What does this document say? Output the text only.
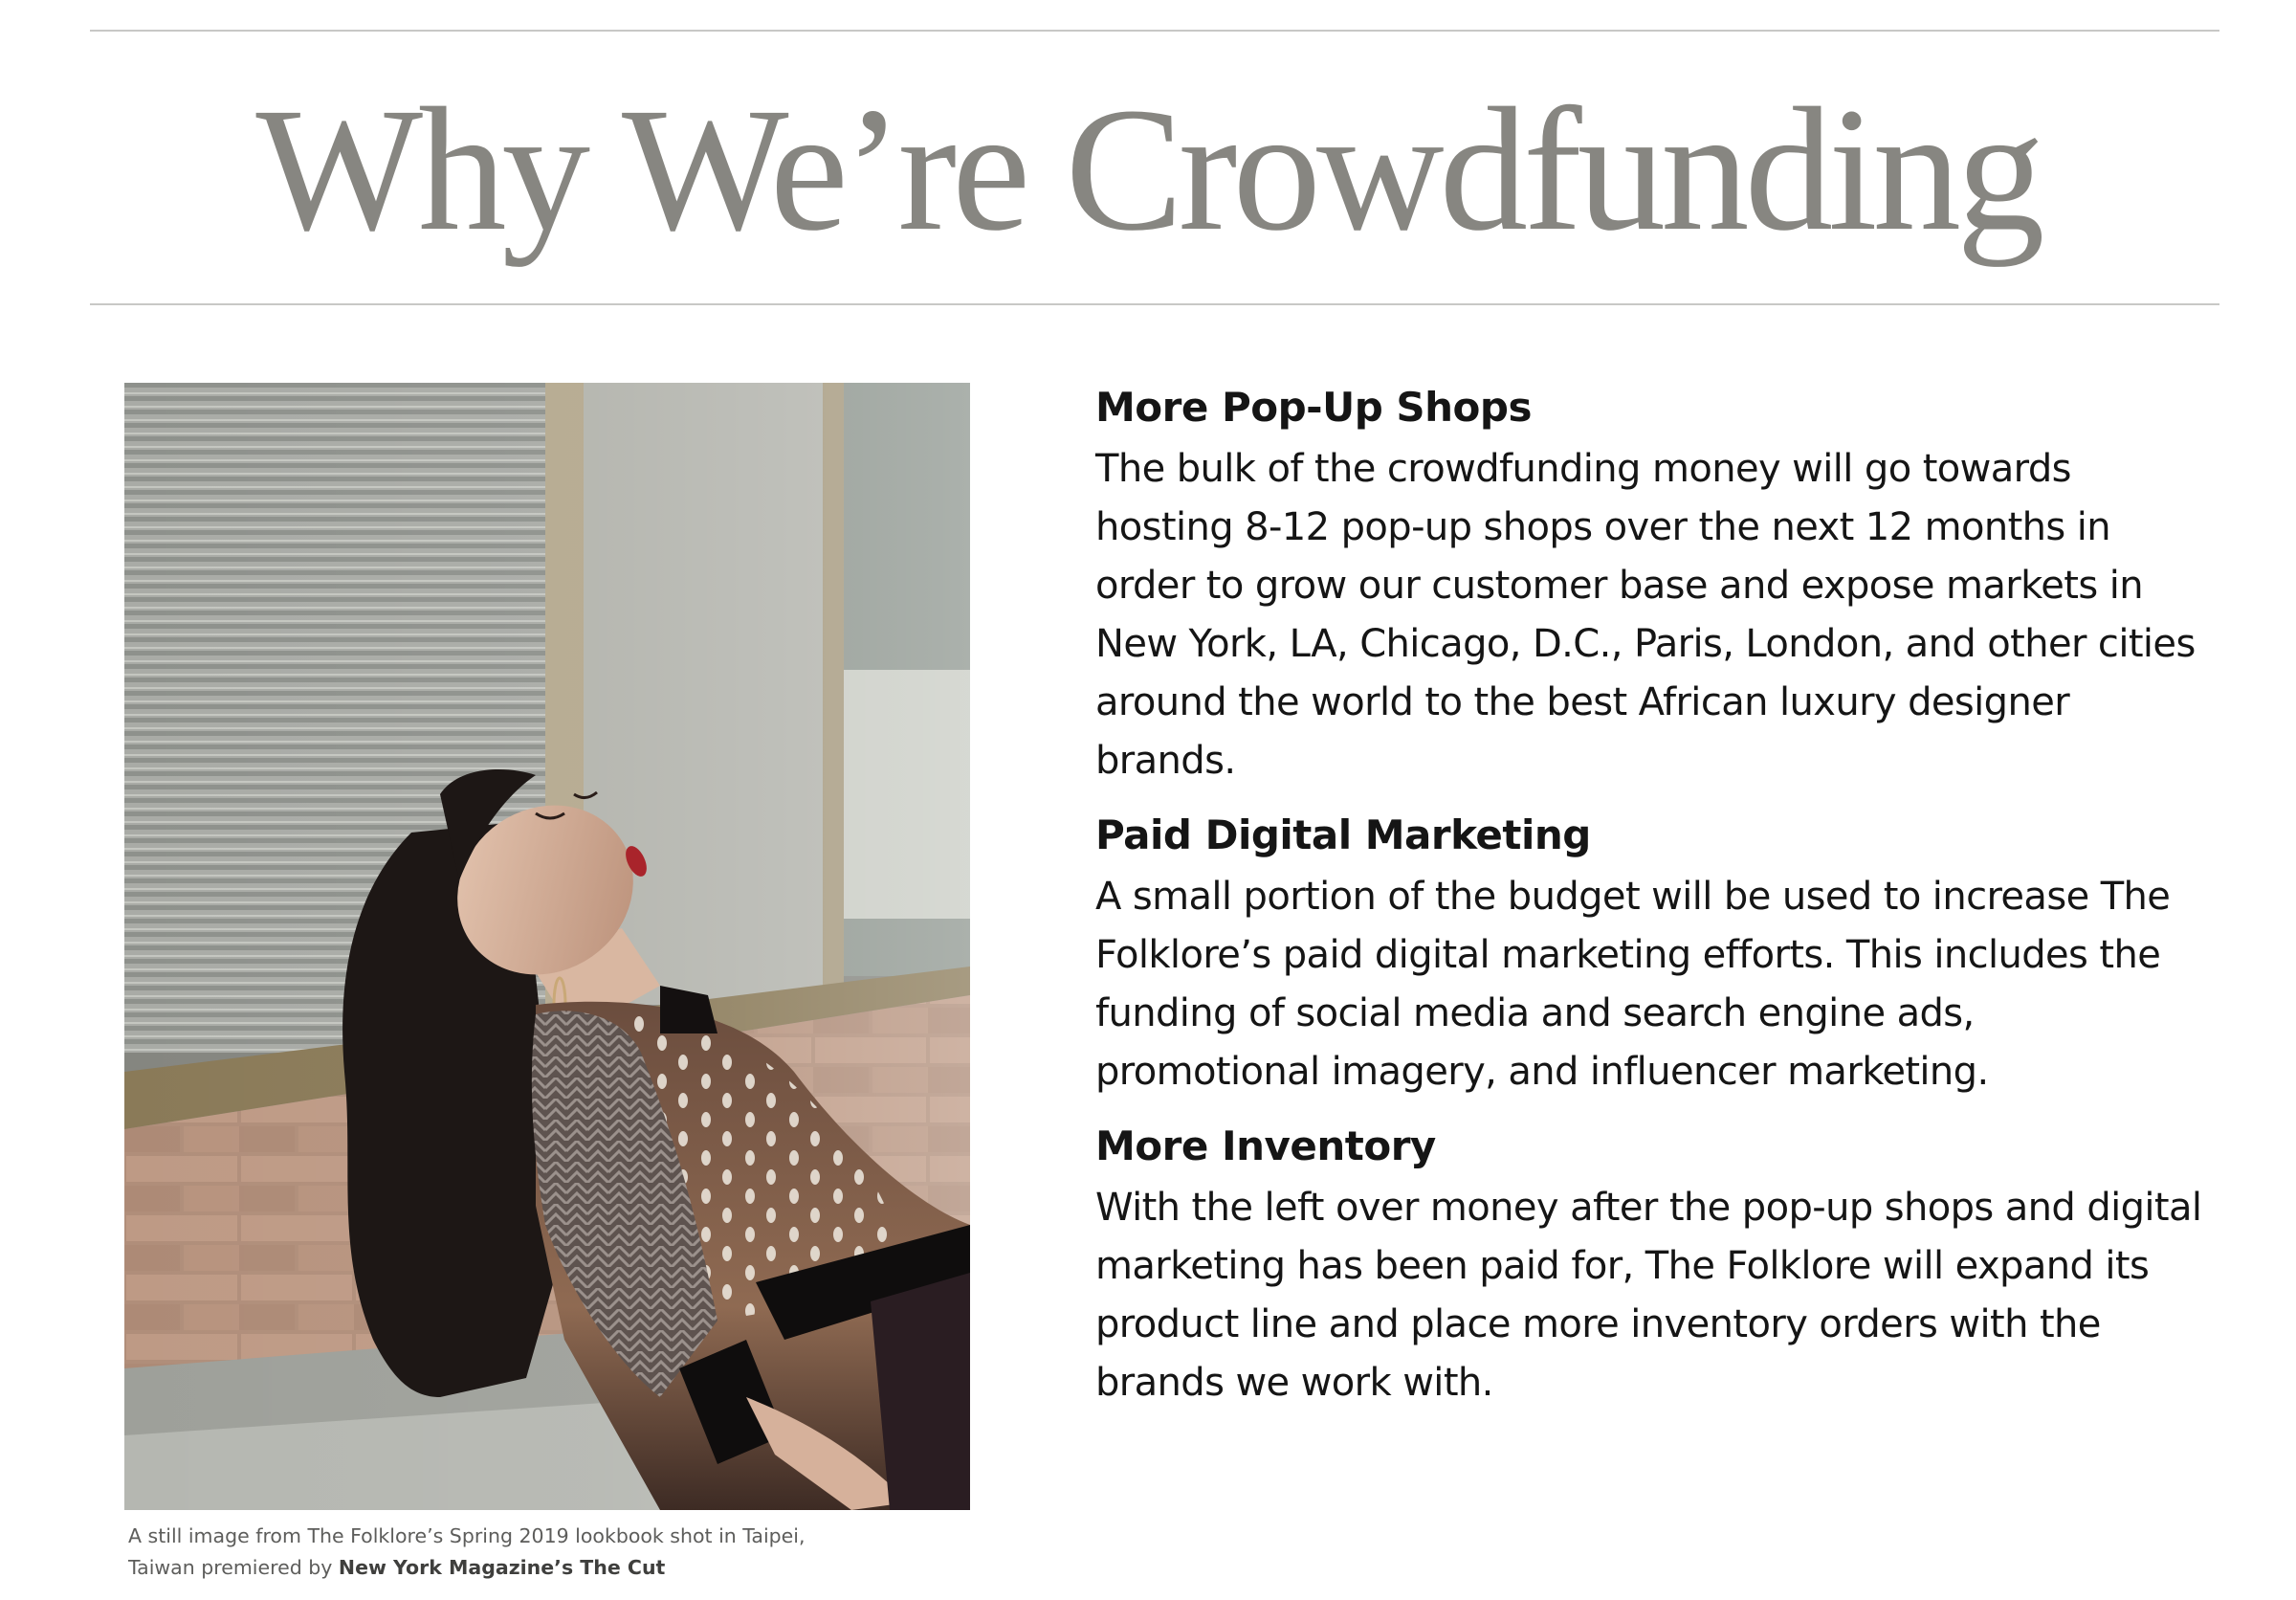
Why We’re Crowdfunding
A still image from The Folklore’s Spring 2019 lookbook shot in Taipei, Taiwan premiered by New York Magazine’s The Cut
More Pop-Up Shops

The bulk of the crowdfunding money will go towards hosting 8-12 pop-up shops over the next 12 months in order to grow our customer base and expose markets in New York, LA, Chicago, D.C., Paris, London, and other cities around the world to the best African luxury designer brands.

Paid Digital Marketing

A small portion of the budget will be used to increase The Folklore’s paid digital marketing efforts. This includes the funding of social media and search engine ads, promotional imagery, and influencer marketing.

More Inventory

With the left over money after the pop-up shops and digital marketing has been paid for, The Folklore will expand its product line and place more inventory orders with the brands we work with.
